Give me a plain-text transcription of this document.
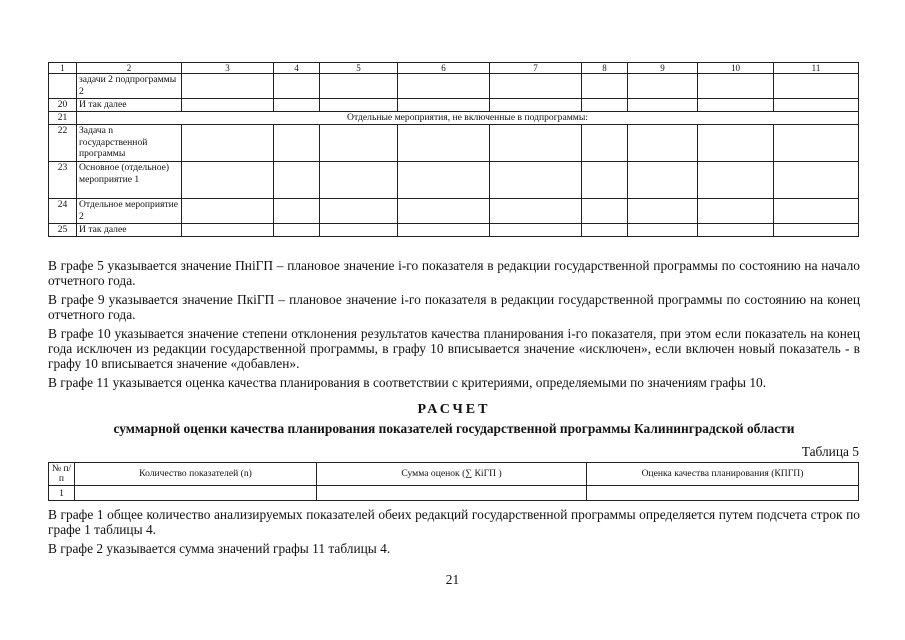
1	2	3	4	5	6	7	8	9	10	11
	задачи 2 подпрограммы 2									
20	И так далее									
21	Отдельные мероприятия, не включенные в подпрограммы:									
22	Задача n государственной программы									
23	Основное (отдельное) мероприятие 1									
24	Отдельное мероприятие 2									
25	И так далее									
В графе 5 указывается значение ПнiГП – плановое значение i-го показателя в редакции государственной программы по состоянию на начало отчетного года.
В графе 9 указывается значение ПкiГП – плановое значение i-го показателя в редакции государственной программы по состоянию на конец отчетного года.
В графе 10 указывается значение степени отклонения результатов качества планирования i-го показателя, при этом если показатель на конец года исключен из редакции государственной программы, в графу 10 вписывается значение «исключен», если включен новый показатель - в графу 10 вписывается значение «добавлен».
В графе 11 указывается оценка качества планирования в соответствии с критериями, определяемыми по значениям графы 10.
РАСЧЕТ
суммарной оценки качества планирования показателей государственной программы Калининградской области
Таблица 5
№ п/п	Количество показателей (n)	Сумма оценок (∑ КiГП )	Оценка качества планирования (КПГП)
1			
В графе 1 общее количество анализируемых показателей обеих редакций государственной программы определяется путем подсчета строк по графе 1 таблицы 4.
В графе 2 указывается сумма значений графы 11 таблицы 4.
21
